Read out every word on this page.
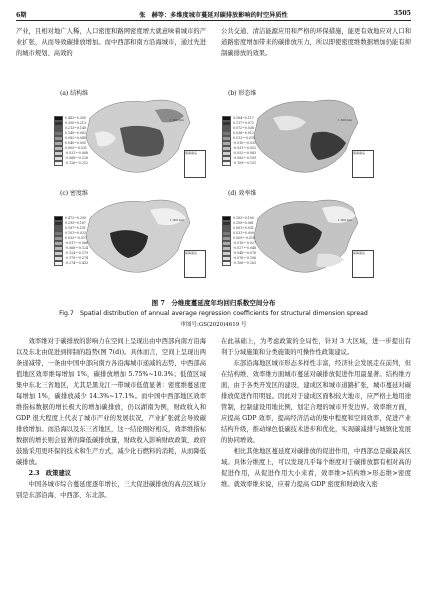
6期	张　赫等：多维度城市蔓延对碳排放影响的时空异质性	3505

产业，且相对地广人稀，人口密度和路网密度增大就意味着城市的产业扩张，从而导致碳排放增加。而中西部和南方沿海城市，通过先进的城市规划、高效的

公共交通、清洁能源应用和严格的环保措施，能更有效地应对人口和道路密度增加带来的碳排放压力，所以即使密度维数据增加仍能有抑制碳排放的效果。

(a) 结构维
0.483~0.300
0.300~0.213
0.213~0.140
0.140~0.082
0.082~0.040
0.040~0.005
0.005~-0.031
-0.031~-0.068
-0.068~-0.126
-0.126~-0.212
1 000 km
南海诸岛
(b) 形态维
0.164~0.117
0.117~0.072
0.072~0.036
0.036~0.012
0.012~-0.010
-0.010~-0.031
-0.031~-0.052
-0.052~-0.083
-0.083~-0.109
-0.109~-0.151
1 000 km
南海诸岛
(c) 密度维
0.472~0.295
0.295~0.187
0.187~0.101
0.101~0.033
0.033~-0.017
-0.017~-0.066
-0.066~-0.124
-0.124~-0.179
-0.179~-0.274
-0.274~-0.433
1 000 km
南海诸岛
(d) 效率维
0.163~0.100
0.100~0.061
0.061~0.031
0.031~0.009
0.009~-0.010
-0.010~-0.027
-0.027~-0.048
-0.048~-0.076
-0.076~-0.106
-0.106~-0.163
1 000 km
南海诸岛
图 7　分维度蔓延度年均回归系数空间分布
Fig.7　Spatial distribution of annual average regression coefficients for structural dimension spread
审图号:GS(2020)4619 号

效率维对于碳排放的影响力在空间上呈现出由中西部向南方沿海以及东北由促进到抑制的趋势(图 7(d))。具体而言，空间上呈现出两条递减带，一条由中国中部向南方各沿海城市递减的态势，中西部高值地区效率维每增加 1%，碳排放增加 5.75%~10.3%；低值区域集中东北三省地区，尤其是黑龙江一带城市低值显著：密度维蔓延度每增加 1%，碳排放减少 14.3%~17.1%。而中国中西部地区效率维指标数据的增长极大的增加碳排放，仍以湖南为例，财政收入和 GDP 很大程度上代表了城市产业的发展状况，产业扩张就会导致碳排放增加。而沿海以及东三省地区，这一结论刚好相反，效率维指标数据的增长则会显著的降低碳排放量，财政收入影响财政政策，政府鼓励采用更环保的技术和生产方式，减少化石燃料的消耗，从而降低碳排放。

2.3　政策建议

中国各城市综合蔓延度逐年增长，三大促进碳排放的高点区域分别是东部沿海、中西部、东北部。

在此基础上，为考虑政策的全局性，针对 3 大区域，进一步提出有利于分域施策和分类施策的可操作性政策建议。

东部沿海地区城市形态多样性丰富，经济社会发展走在前列，但在结构维、效率维方面城市蔓延对碳排放促进作用最显著。结构维方面，由于各类开发区的建设，建成区和城市道路扩张，城市蔓延对碳排放促进作用明显。因此对于建成区面积较大地市，应严格土地用途管制，控制建设用地比例，划定合理的城市开发边界。效率维方面，应提高 GDP 效率，提高经济活动的集中程度和空间效率，促进产业结构升级，推动绿色低碳技术进步和优化，实现碳减排与城镇化发展的协同增效。

相比其他地区蔓延度对碳排放的促进作用，中西部总是碳最高区域。具体分维度上，可以发现几乎每个维度对于碳排放都有相对高的促进作用，从促进作用大小来看，效率维>结构维>形态维>密度维。就效率维来说，应着力提高 GDP 密度和财政收入密
